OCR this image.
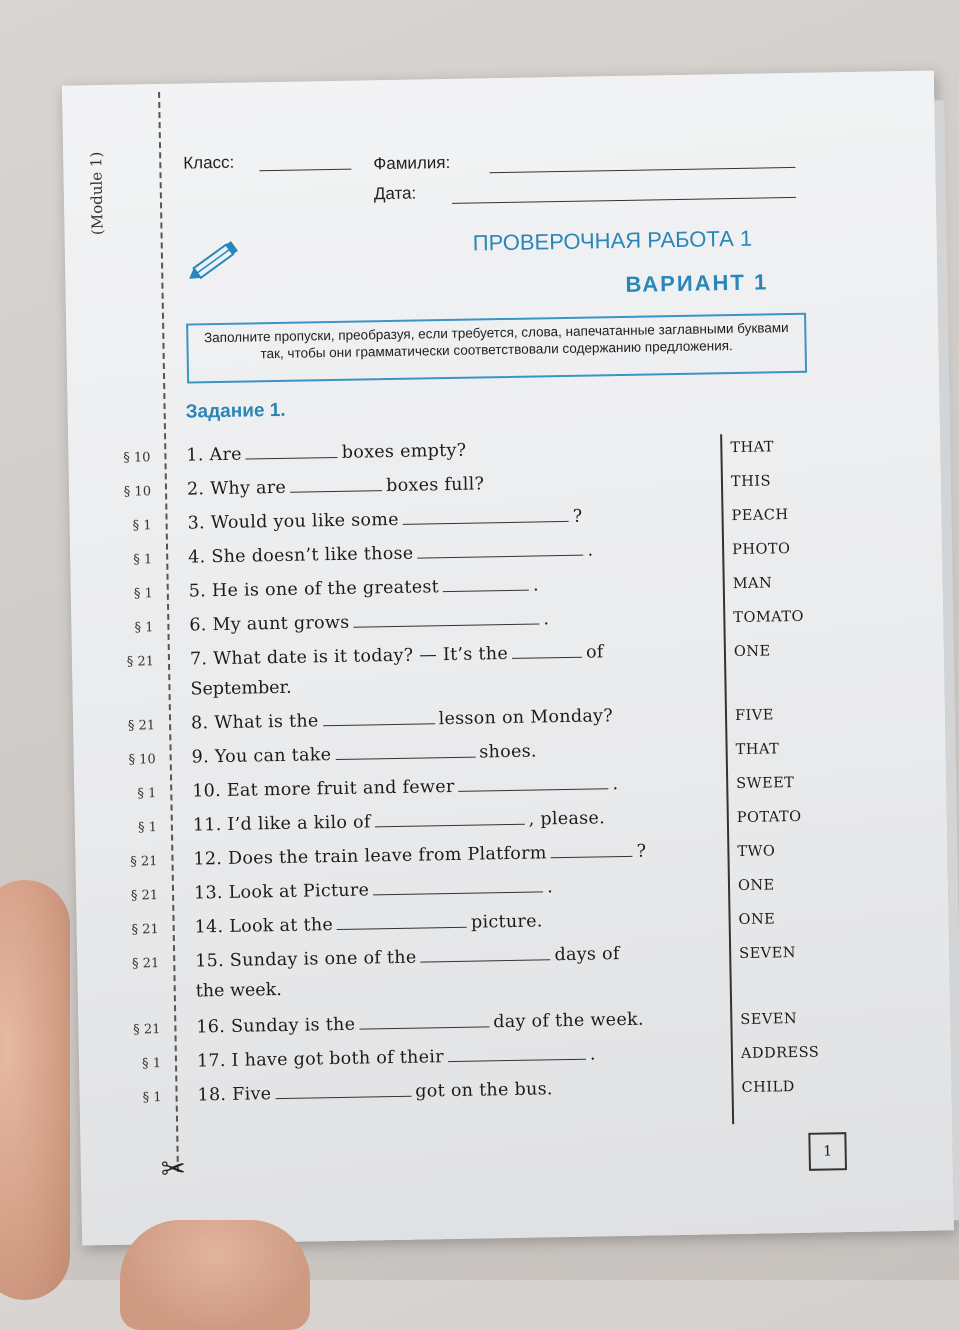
(Module 1)
✂
Класс:	Фамилия:
Дата:
ПРОВЕРОЧНАЯ РАБОТА 1
ВАРИАНТ 1
Заполните пропуски, преобразуя, если требуется, слова, напечатанные заглавными буквами так, чтобы они грамматически соответствовали содержанию предложения.
Задание 1.
§ 10 1. Are	boxes empty?
§ 10 2. Why are	boxes full?
§ 1 3. Would you like some	?
§ 1 4. She doesn’t like those	.
§ 1 5. He is one of the greatest	.
§ 1 6. My aunt grows	.
§ 21 7. What date is it today? — It’s the	of
September.
§ 21 8. What is the	lesson on Monday?
§ 10 9. You can take	shoes.
§ 1 10. Eat more fruit and fewer	.
§ 1 11. I’d like a kilo of	, please.
§ 21 12. Does the train leave from Platform	?
§ 21 13. Look at Picture	.
§ 21 14. Look at the	picture.
§ 21 15. Sunday is one of the	days of
the week.
§ 21 16. Sunday is the	day of the week.
§ 1 17. I have got both of their	.
§ 1 18. Five	got on the bus.
THAT
THIS
PEACH
PHOTO
MAN
TOMATO
ONE
FIVE
THAT
SWEET
POTATO
TWO
ONE
ONE
SEVEN
SEVEN
ADDRESS
CHILD
1
